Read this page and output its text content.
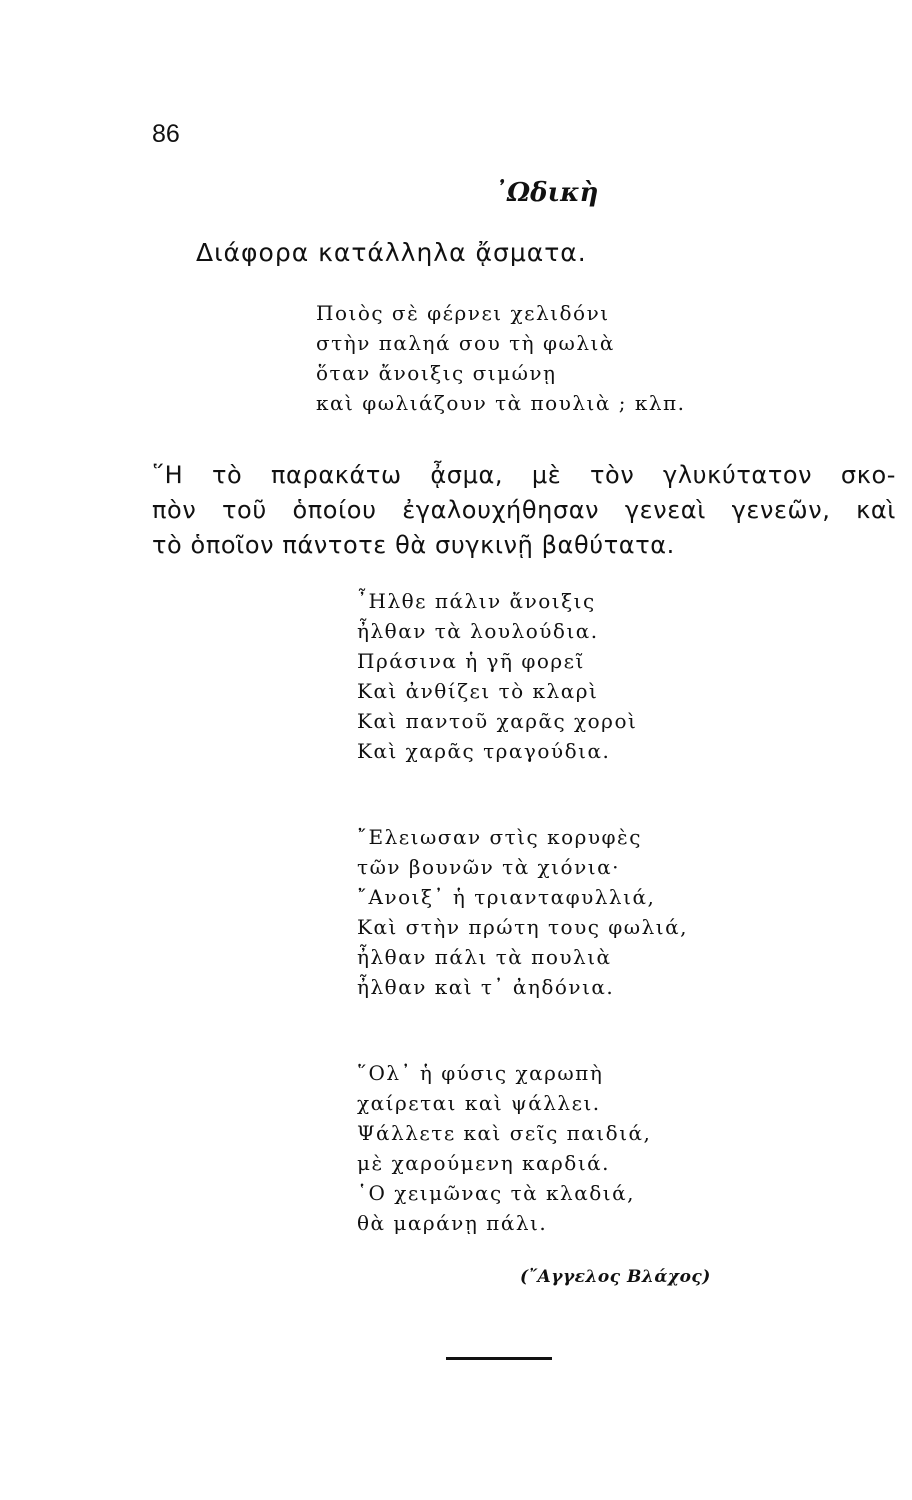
86
᾽Ωδικὴ
Διάφορα κατάλληλα ᾄσματα.
Ποιὸς σὲ φέρνει χελιδόνι
στὴν παληά σου τὴ φωλιὰ
ὅταν ἄνοιξις σιμώνῃ
καὶ φωλιάζουν τὰ πουλιὰ ; κλπ.
῞Η τὸ παρακάτω ᾆσμα, μὲ τὸν γλυκύτατον σκο-
πὸν τοῦ ὁποίου ἐγαλουχήθησαν γενεαὶ γενεῶν, καὶ
τὸ ὁποῖον πάντοτε θὰ συγκινῇ βαθύτατα.
῏Ηλθε πάλιν ἄνοιξις
ἦλθαν τὰ λουλούδια.
Πράσινα ἡ γῆ φορεῖ
Καὶ ἀνθίζει τὸ κλαρὶ
Καὶ παντοῦ χαρᾶς χοροὶ
Καὶ χαρᾶς τραγούδια.
῎Ελειωσαν στὶς κορυφὲς
τῶν βουνῶν τὰ χιόνια·
῎Ανοιξ᾽ ἡ τριανταφυλλιά,
Καὶ στὴν πρώτη τους φωλιά,
ἦλθαν πάλι τὰ πουλιὰ
ἦλθαν καὶ τ᾽ ἀηδόνια.
῞Ολ᾽ ἡ φύσις χαρωπὴ
χαίρεται καὶ ψάλλει.
Ψάλλετε καὶ σεῖς παιδιά,
μὲ χαρούμενη καρδιά.
῾Ο χειμῶνας τὰ κλαδιά,
θὰ μαράνῃ πάλι.
(῎Αγγελος Βλάχος)
